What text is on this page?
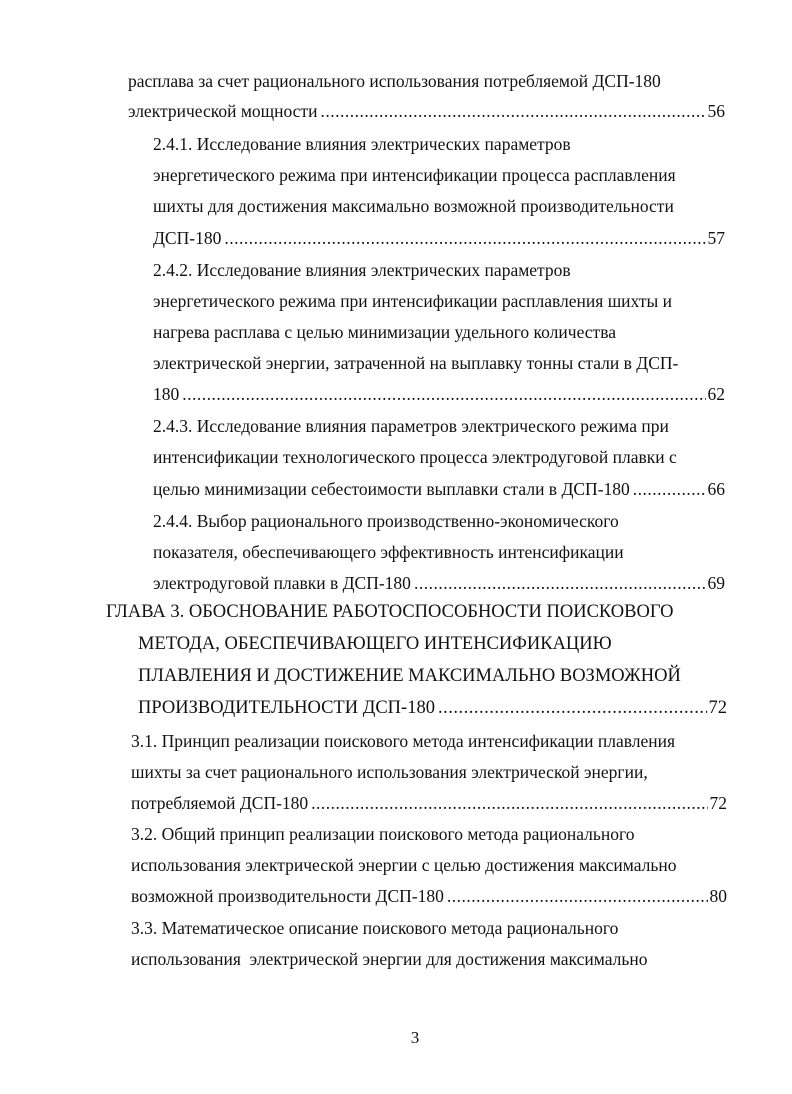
расплава за счет рационального использования потребляемой ДСП-180
электрической мощности .....	56
2.4.1. Исследование влияния электрических параметров
энергетического режима при интенсификации процесса расплавления
шихты для достижения максимально возможной производительности
ДСП-180 .....	57
2.4.2. Исследование влияния электрических параметров
энергетического режима при интенсификации расплавления шихты и
нагрева расплава с целью минимизации удельного количества
электрической энергии, затраченной на выплавку тонны стали в ДСП-
180 .....	62
2.4.3. Исследование влияния параметров электрического режима при
интенсификации технологического процесса электродуговой плавки с
целью минимизации себестоимости выплавки стали в ДСП-180 .....	66
2.4.4. Выбор рационального производственно-экономического
показателя, обеспечивающего эффективность интенсификации
электродуговой плавки в ДСП-180 .....	69
ГЛАВА 3. ОБОСНОВАНИЕ РАБОТОСПОСОБНОСТИ ПОИСКОВОГО
МЕТОДА, ОБЕСПЕЧИВАЮЩЕГО ИНТЕНСИФИКАЦИЮ
ПЛАВЛЕНИЯ И ДОСТИЖЕНИЕ МАКСИМАЛЬНО ВОЗМОЖНОЙ
ПРОИЗВОДИТЕЛЬНОСТИ ДСП-180 .....	72
3.1. Принцип реализации поискового метода интенсификации плавления
шихты за счет рационального использования электрической энергии,
потребляемой ДСП-180 .....	72
3.2. Общий принцип реализации поискового метода рационального
использования электрической энергии с целью достижения максимально
возможной производительности ДСП-180 .....	80
3.3. Математическое описание поискового метода рационального
использования  электрической энергии для достижения максимально
3
